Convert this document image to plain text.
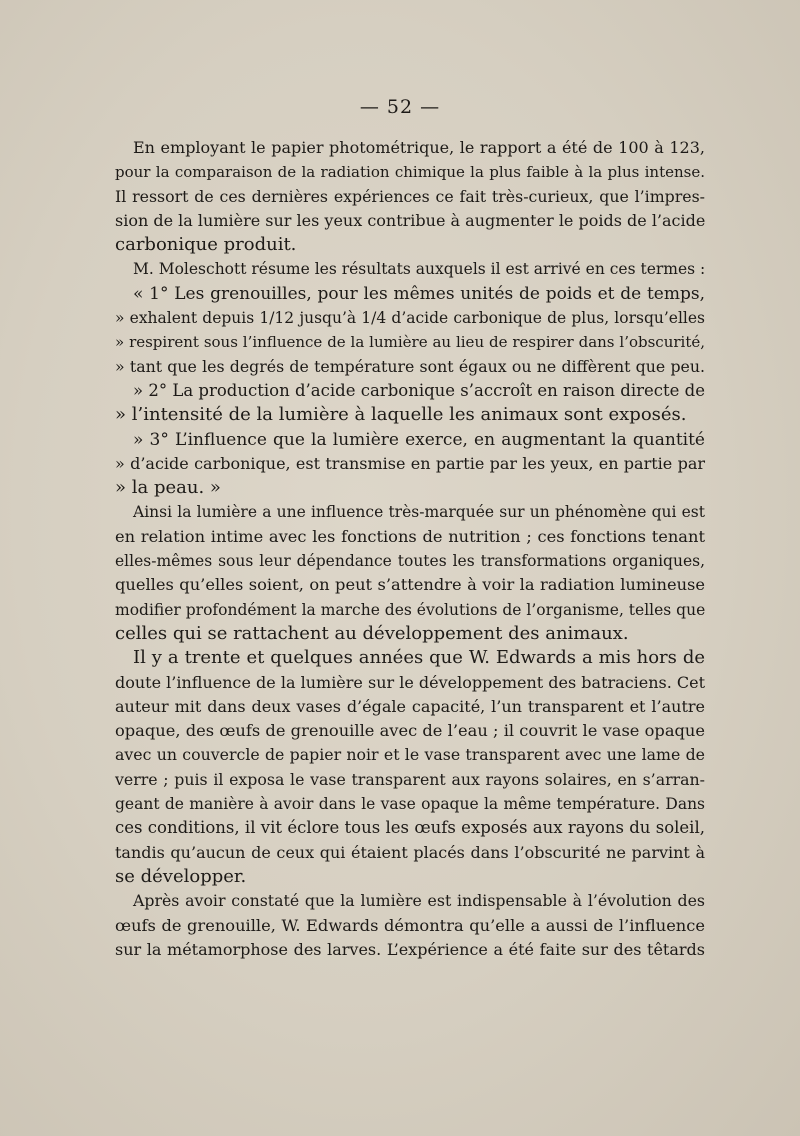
— 52 —
En employant le papier photométrique, le rapport a été de 100 à 123,
pour la comparaison de la radiation chimique la plus faible à la plus intense.
Il ressort de ces dernières expériences ce fait très-curieux, que l’impres-
sion de la lumière sur les yeux contribue à augmenter le poids de l’acide
carbonique produit.
M. Moleschott résume les résultats auxquels il est arrivé en ces termes :
« 1° Les grenouilles, pour les mêmes unités de poids et de temps,
» exhalent depuis 1/12 jusqu’à 1/4 d’acide carbonique de plus, lorsqu’elles
» respirent sous l’influence de la lumière au lieu de respirer dans l’obscurité,
» tant que les degrés de température sont égaux ou ne diffèrent que peu.
» 2° La production d’acide carbonique s’accroît en raison directe de
» l’intensité de la lumière à laquelle les animaux sont exposés.
» 3° L’influence que la lumière exerce, en augmentant la quantité
» d’acide carbonique, est transmise en partie par les yeux, en partie par
» la peau. »
Ainsi la lumière a une influence très-marquée sur un phénomène qui est
en relation intime avec les fonctions de nutrition ; ces fonctions tenant
elles-mêmes sous leur dépendance toutes les transformations organiques,
quelles qu’elles soient, on peut s’attendre à voir la radiation lumineuse
modifier profondément la marche des évolutions de l’organisme, telles que
celles qui se rattachent au développement des animaux.
Il y a trente et quelques années que W. Edwards a mis hors de
doute l’influence de la lumière sur le développement des batraciens. Cet
auteur mit dans deux vases d’égale capacité, l’un transparent et l’autre
opaque, des œufs de grenouille avec de l’eau ; il couvrit le vase opaque
avec un couvercle de papier noir et le vase transparent avec une lame de
verre ; puis il exposa le vase transparent aux rayons solaires, en s’arran-
geant de manière à avoir dans le vase opaque la même température. Dans
ces conditions, il vit éclore tous les œufs exposés aux rayons du soleil,
tandis qu’aucun de ceux qui étaient placés dans l’obscurité ne parvint à
se développer.
Après avoir constaté que la lumière est indispensable à l’évolution des
œufs de grenouille, W. Edwards démontra qu’elle a aussi de l’influence
sur la métamorphose des larves. L’expérience a été faite sur des têtards
